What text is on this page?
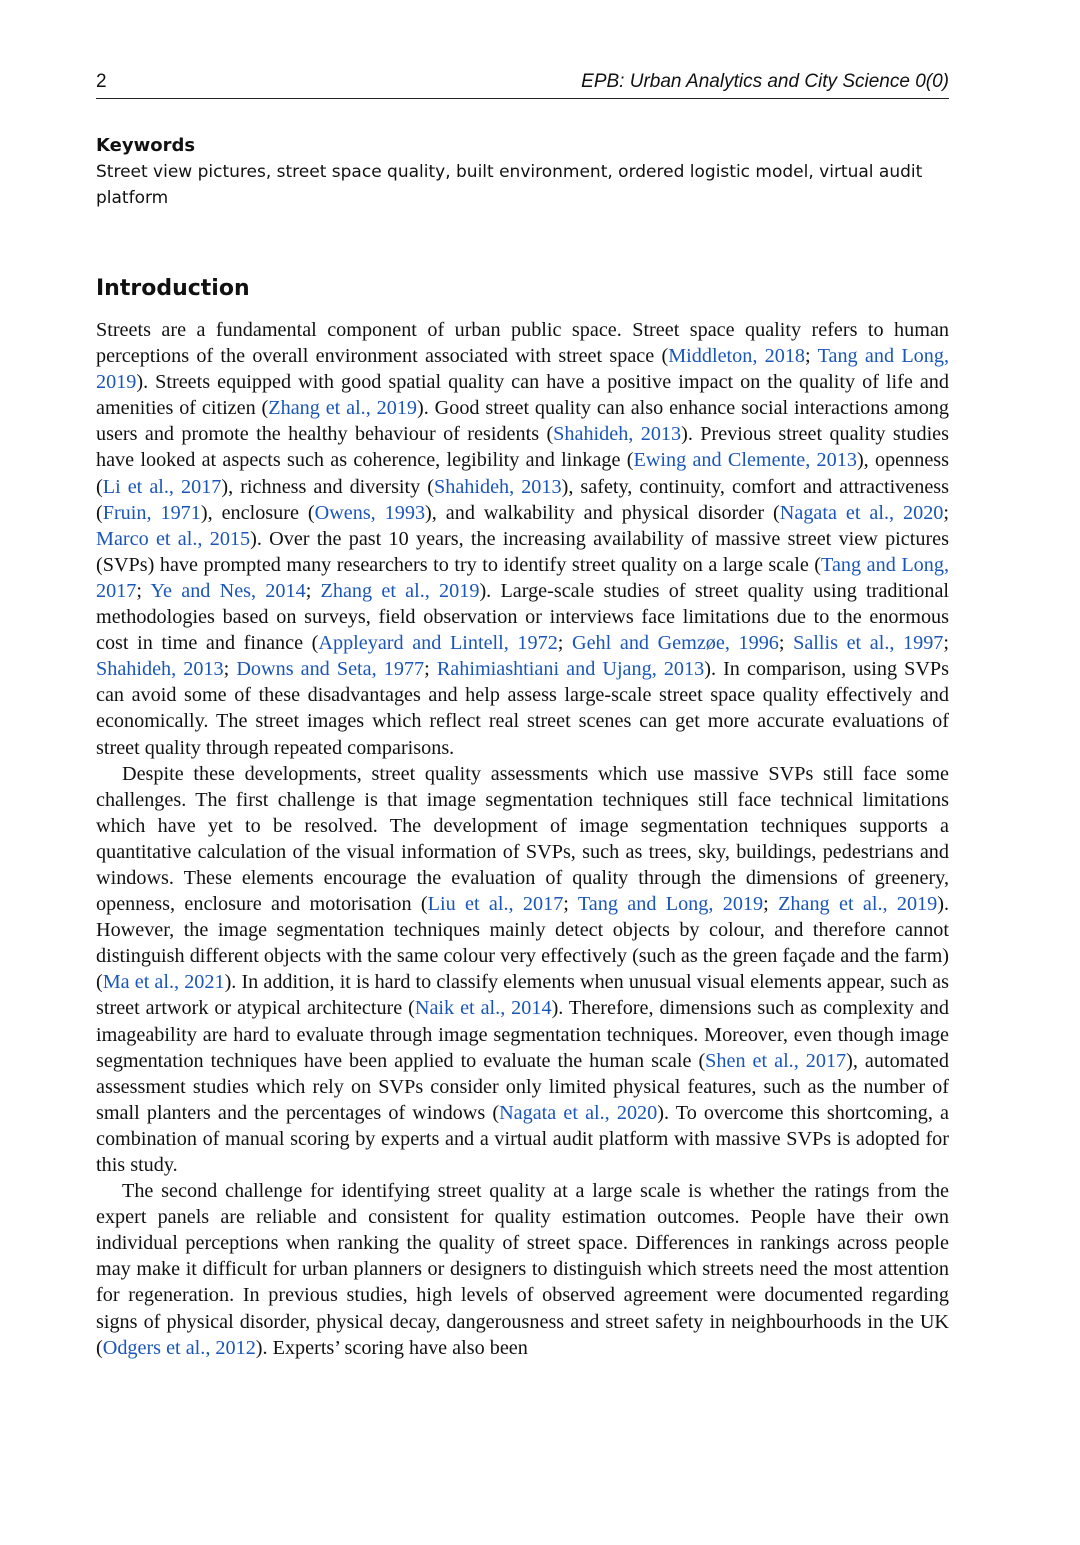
2	EPB: Urban Analytics and City Science 0(0)
Keywords
Street view pictures, street space quality, built environment, ordered logistic model, virtual audit platform
Introduction

Streets are a fundamental component of urban public space. Street space quality refers to human perceptions of the overall environment associated with street space (Middleton, 2018; Tang and Long, 2019). Streets equipped with good spatial quality can have a positive impact on the quality of life and amenities of citizen (Zhang et al., 2019). Good street quality can also enhance social interactions among users and promote the healthy behaviour of residents (Shahideh, 2013). Previous street quality studies have looked at aspects such as coherence, legibility and linkage (Ewing and Clemente, 2013), openness (Li et al., 2017), richness and diversity (Shahideh, 2013), safety, continuity, comfort and attractiveness (Fruin, 1971), enclosure (Owens, 1993), and walkability and physical disorder (Nagata et al., 2020; Marco et al., 2015). Over the past 10 years, the increasing availability of massive street view pictures (SVPs) have prompted many researchers to try to identify street quality on a large scale (Tang and Long, 2017; Ye and Nes, 2014; Zhang et al., 2019). Large-scale studies of street quality using traditional methodologies based on surveys, field observation or interviews face limitations due to the enormous cost in time and finance (Appleyard and Lintell, 1972; Gehl and Gemzøe, 1996; Sallis et al., 1997; Shahideh, 2013; Downs and Seta, 1977; Rahimiashtiani and Ujang, 2013). In comparison, using SVPs can avoid some of these disadvantages and help assess large-scale street space quality effectively and economically. The street images which reflect real street scenes can get more accurate evaluations of street quality through repeated comparisons.

Despite these developments, street quality assessments which use massive SVPs still face some challenges. The first challenge is that image segmentation techniques still face technical limitations which have yet to be resolved. The development of image segmentation techniques supports a quantitative calculation of the visual information of SVPs, such as trees, sky, buildings, pedestrians and windows. These elements encourage the evaluation of quality through the dimensions of greenery, openness, enclosure and motorisation (Liu et al., 2017; Tang and Long, 2019; Zhang et al., 2019). However, the image segmentation techniques mainly detect objects by colour, and therefore cannot distinguish different objects with the same colour very effectively (such as the green façade and the farm) (Ma et al., 2021). In addition, it is hard to classify elements when unusual visual elements appear, such as street artwork or atypical architecture (Naik et al., 2014). Therefore, dimensions such as complexity and imageability are hard to evaluate through image segmentation techniques. Moreover, even though image segmentation techniques have been applied to evaluate the human scale (Shen et al., 2017), automated assessment studies which rely on SVPs consider only limited physical features, such as the number of small planters and the percentages of windows (Nagata et al., 2020). To overcome this shortcoming, a combination of manual scoring by experts and a virtual audit platform with massive SVPs is adopted for this study.

The second challenge for identifying street quality at a large scale is whether the ratings from the expert panels are reliable and consistent for quality estimation outcomes. People have their own individual perceptions when ranking the quality of street space. Differences in rankings across people may make it difficult for urban planners or designers to distinguish which streets need the most attention for regeneration. In previous studies, high levels of observed agreement were documented regarding signs of physical disorder, physical decay, dangerousness and street safety in neighbourhoods in the UK (Odgers et al., 2012). Experts’ scoring have also been
